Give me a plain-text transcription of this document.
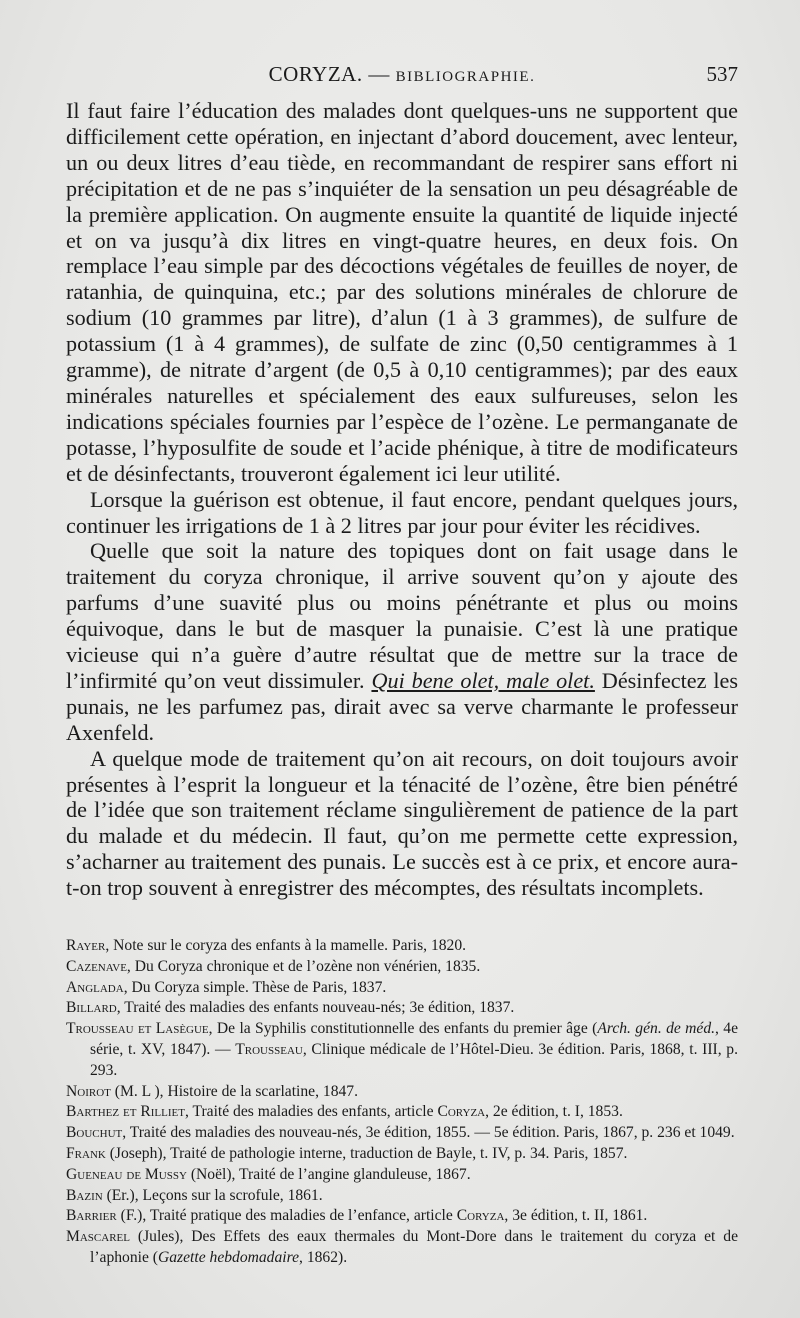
CORYZA. — BIBLIOGRAPHIE.	537

Il faut faire l’éducation des malades dont quelques-uns ne supportent que difficilement cette opération, en injectant d’abord doucement, avec lenteur, un ou deux litres d’eau tiède, en recommandant de respirer sans effort ni précipitation et de ne pas s’inquiéter de la sensation un peu désagréable de la première application. On augmente ensuite la quantité de liquide injecté et on va jusqu’à dix litres en vingt-quatre heures, en deux fois. On remplace l’eau simple par des décoctions végétales de feuilles de noyer, de ratanhia, de quinquina, etc.; par des solutions minérales de chlorure de sodium (10 grammes par litre), d’alun (1 à 3 grammes), de sulfure de potassium (1 à 4 grammes), de sulfate de zinc (0,50 centigrammes à 1 gramme), de nitrate d’argent (de 0,5 à 0,10 centigrammes); par des eaux minérales naturelles et spécialement des eaux sulfureuses, selon les indications spéciales fournies par l’espèce de l’ozène. Le permanganate de potasse, l’hyposulfite de soude et l’acide phénique, à titre de modificateurs et de désinfectants, trouveront également ici leur utilité.

Lorsque la guérison est obtenue, il faut encore, pendant quelques jours, continuer les irrigations de 1 à 2 litres par jour pour éviter les récidives.

Quelle que soit la nature des topiques dont on fait usage dans le traitement du coryza chronique, il arrive souvent qu’on y ajoute des parfums d’une suavité plus ou moins pénétrante et plus ou moins équivoque, dans le but de masquer la punaisie. C’est là une pratique vicieuse qui n’a guère d’autre résultat que de mettre sur la trace de l’infirmité qu’on veut dissimuler. Qui bene olet, male olet. Désinfectez les punais, ne les parfumez pas, dirait avec sa verve charmante le professeur Axenfeld.

A quelque mode de traitement qu’on ait recours, on doit toujours avoir présentes à l’esprit la longueur et la ténacité de l’ozène, être bien pénétré de l’idée que son traitement réclame singulièrement de patience de la part du malade et du médecin. Il faut, qu’on me permette cette expression, s’acharner au traitement des punais. Le succès est à ce prix, et encore aura-t-on trop souvent à enregistrer des mécomptes, des résultats incomplets.

Rayer, Note sur le coryza des enfants à la mamelle. Paris, 1820.

Cazenave, Du Coryza chronique et de l’ozène non vénérien, 1835.

Anglada, Du Coryza simple. Thèse de Paris, 1837.

Billard, Traité des maladies des enfants nouveau-nés; 3e édition, 1837.

Trousseau et Lasègue, De la Syphilis constitutionnelle des enfants du premier âge (Arch. gén. de méd., 4e série, t. XV, 1847). — Trousseau, Clinique médicale de l’Hôtel-Dieu. 3e édition. Paris, 1868, t. III, p. 293.

Noirot (M. L ), Histoire de la scarlatine, 1847.

Barthez et Rilliet, Traité des maladies des enfants, article Coryza, 2e édition, t. I, 1853.

Bouchut, Traité des maladies des nouveau-nés, 3e édition, 1855. — 5e édition. Paris, 1867, p. 236 et 1049.

Frank (Joseph), Traité de pathologie interne, traduction de Bayle, t. IV, p. 34. Paris, 1857.

Gueneau de Mussy (Noël), Traité de l’angine glanduleuse, 1867.

Bazin (Er.), Leçons sur la scrofule, 1861.

Barrier (F.), Traité pratique des maladies de l’enfance, article Coryza, 3e édition, t. II, 1861.

Mascarel (Jules), Des Effets des eaux thermales du Mont-Dore dans le traitement du coryza et de l’aphonie (Gazette hebdomadaire, 1862).
